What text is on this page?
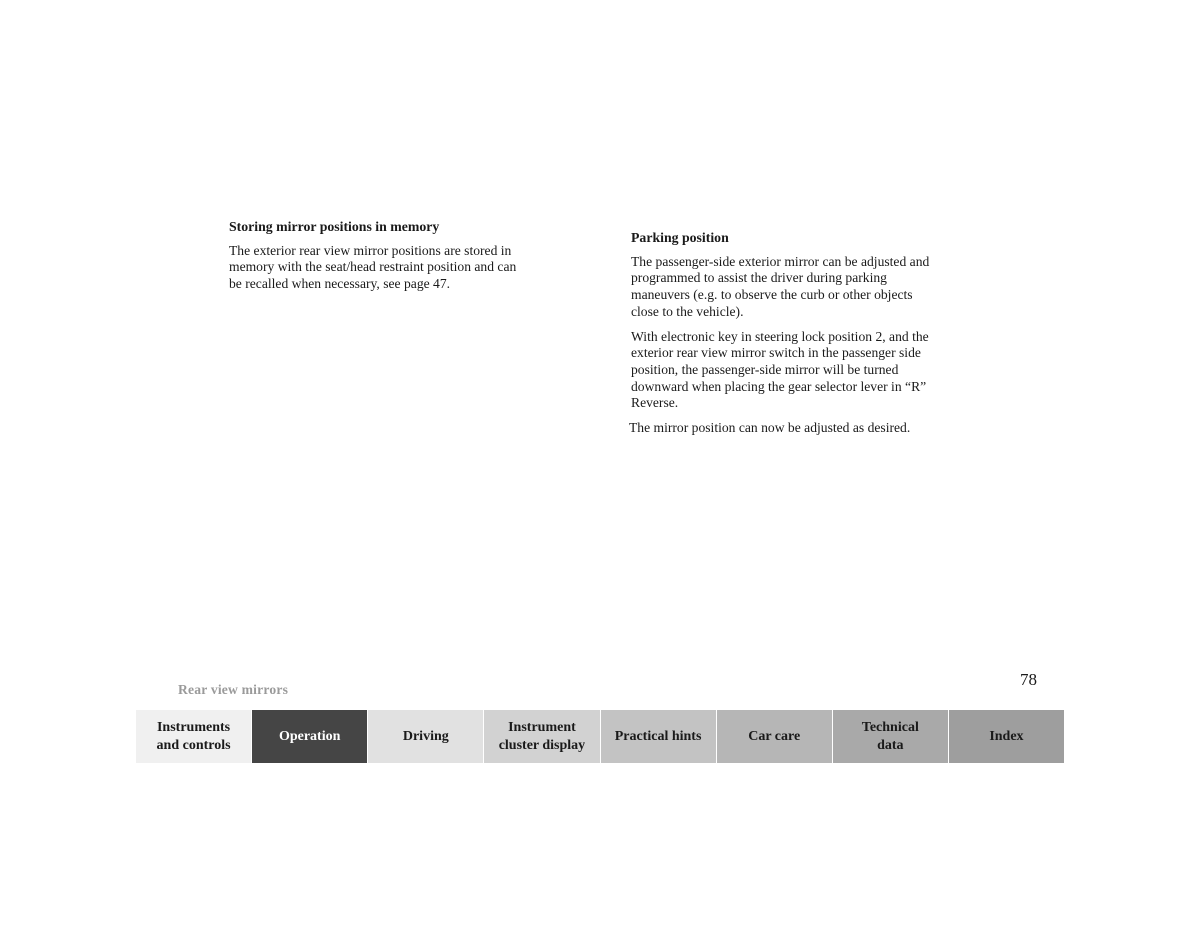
Storing mirror positions in memory

The exterior rear view mirror positions are stored in
memory with the seat/head restraint position and can
be recalled when necessary, see page 47.

Parking position

The passenger-side exterior mirror can be adjusted and
programmed to assist the driver during parking
maneuvers (e.g. to observe the curb or other objects
close to the vehicle).

With electronic key in steering lock position 2, and the
exterior rear view mirror switch in the passenger side
position, the passenger-side mirror will be turned
downward when placing the gear selector lever in “R”
Reverse.

The mirror position can now be adjusted as desired.

Rear view mirrors
78
Instruments
and controls
Operation	Driving
Instrument
cluster display
Practical hints	Car care
Technical
data
Index
